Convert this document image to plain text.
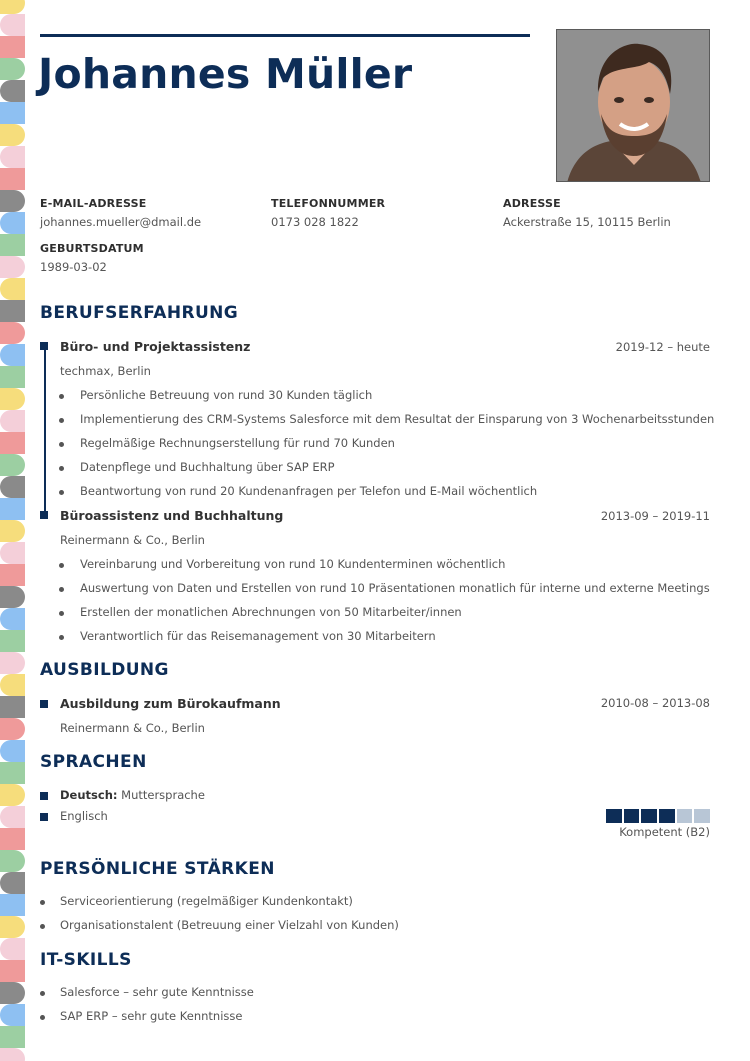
Johannes Müller
E-MAIL-ADRESSE
johannes.mueller@dmail.de
TELEFONNUMMER
0173 028 1822
ADRESSE
Ackerstraße 15, 10115 Berlin
GEBURTSDATUM
1989-03-02
BERUFSERFAHRUNG
Büro- und Projektassistenz	2019-12 – heute
techmax, Berlin
Persönliche Betreuung von rund 30 Kunden täglich
Implementierung des CRM-Systems Salesforce mit dem Resultat der Einsparung von 3 Wochenarbeitsstunden
Regelmäßige Rechnungserstellung für rund 70 Kunden
Datenpflege und Buchhaltung über SAP ERP
Beantwortung von rund 20 Kundenanfragen per Telefon und E-Mail wöchentlich
Büroassistenz und Buchhaltung	2013-09 – 2019-11
Reinermann & Co., Berlin
Vereinbarung und Vorbereitung von rund 10 Kundenterminen wöchentlich
Auswertung von Daten und Erstellen von rund 10 Präsentationen monatlich für interne und externe Meetings
Erstellen der monatlichen Abrechnungen von 50 Mitarbeiter/innen
Verantwortlich für das Reisemanagement von 30 Mitarbeitern
AUSBILDUNG
Ausbildung zum Bürokaufmann	2010-08 – 2013-08
Reinermann & Co., Berlin
SPRACHEN
Deutsch: Muttersprache
Englisch
Kompetent (B2)
PERSÖNLICHE STÄRKEN
Serviceorientierung (regelmäßiger Kundenkontakt)
Organisationstalent (Betreuung einer Vielzahl von Kunden)
IT-SKILLS
Salesforce – sehr gute Kenntnisse
SAP ERP – sehr gute Kenntnisse
